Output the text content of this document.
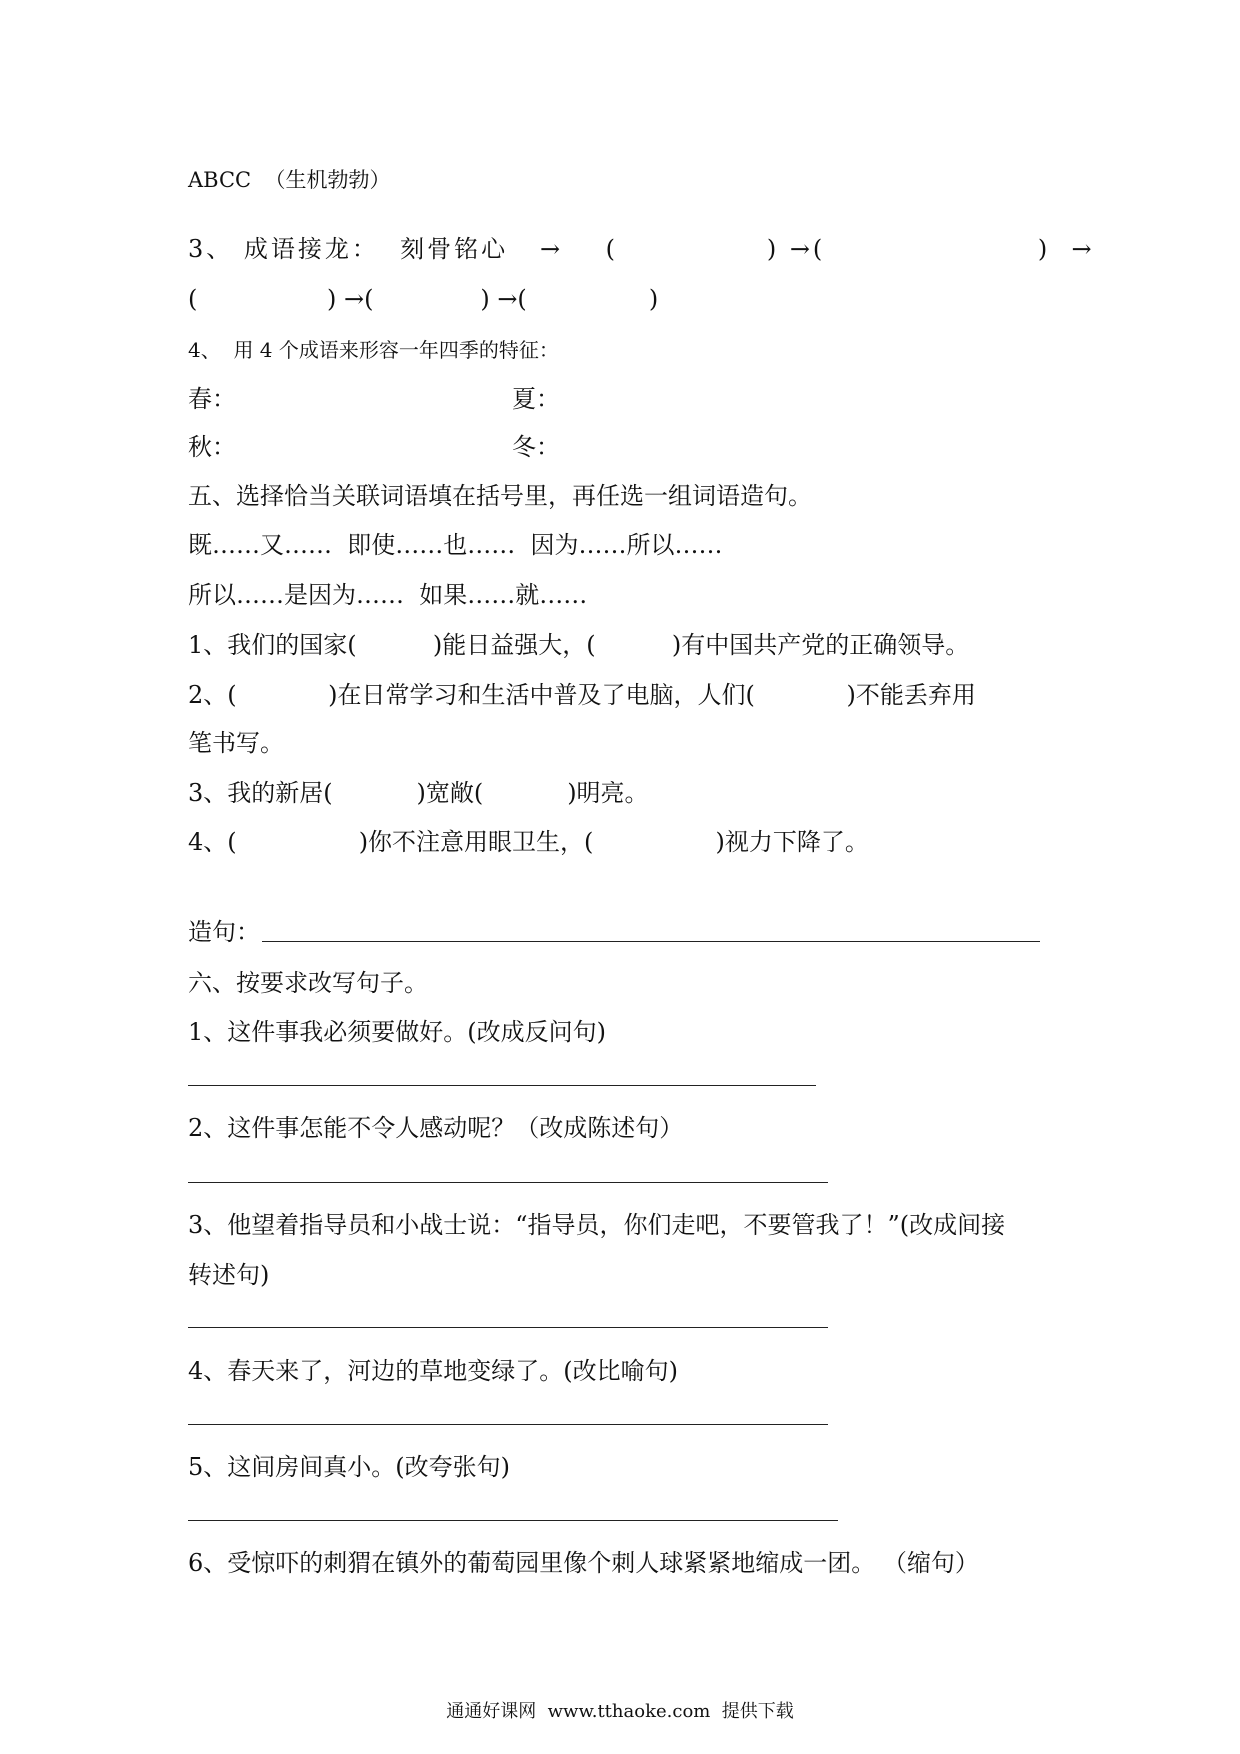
ABCC  （生机勃勃）
3、 成语接龙：  刻骨铭心   →    (              ) →(                    )  →
(                 ) →(              ) →(                )
4、  用 4 个成语来形容一年四季的特征：
春：	夏：
秋：	冬：
五、选择恰当关联词语填在括号里，再任选一组词语造句。
既……又……  即使……也……  因为……所以……
所以……是因为……  如果……就……
1、我们的国家(          )能日益强大，(          )有中国共产党的正确领导。
2、(            )在日常学习和生活中普及了电脑，人们(            )不能丢弃用
笔书写。
3、我的新居(           )宽敞(           )明亮。
4、(                )你不注意用眼卫生，(                )视力下降了。
造句：
六、按要求改写句子。
1、这件事我必须要做好。(改成反问句)
2、这件事怎能不令人感动呢？（改成陈述句）
3、他望着指导员和小战士说：“指导员，你们走吧，不要管我了！”(改成间接
转述句)
4、春天来了，河边的草地变绿了。(改比喻句)
5、这间房间真小。(改夸张句)
6、受惊吓的刺猬在镇外的葡萄园里像个刺人球紧紧地缩成一团。 （缩句）
通通好课网  www.tthaoke.com  提供下载
